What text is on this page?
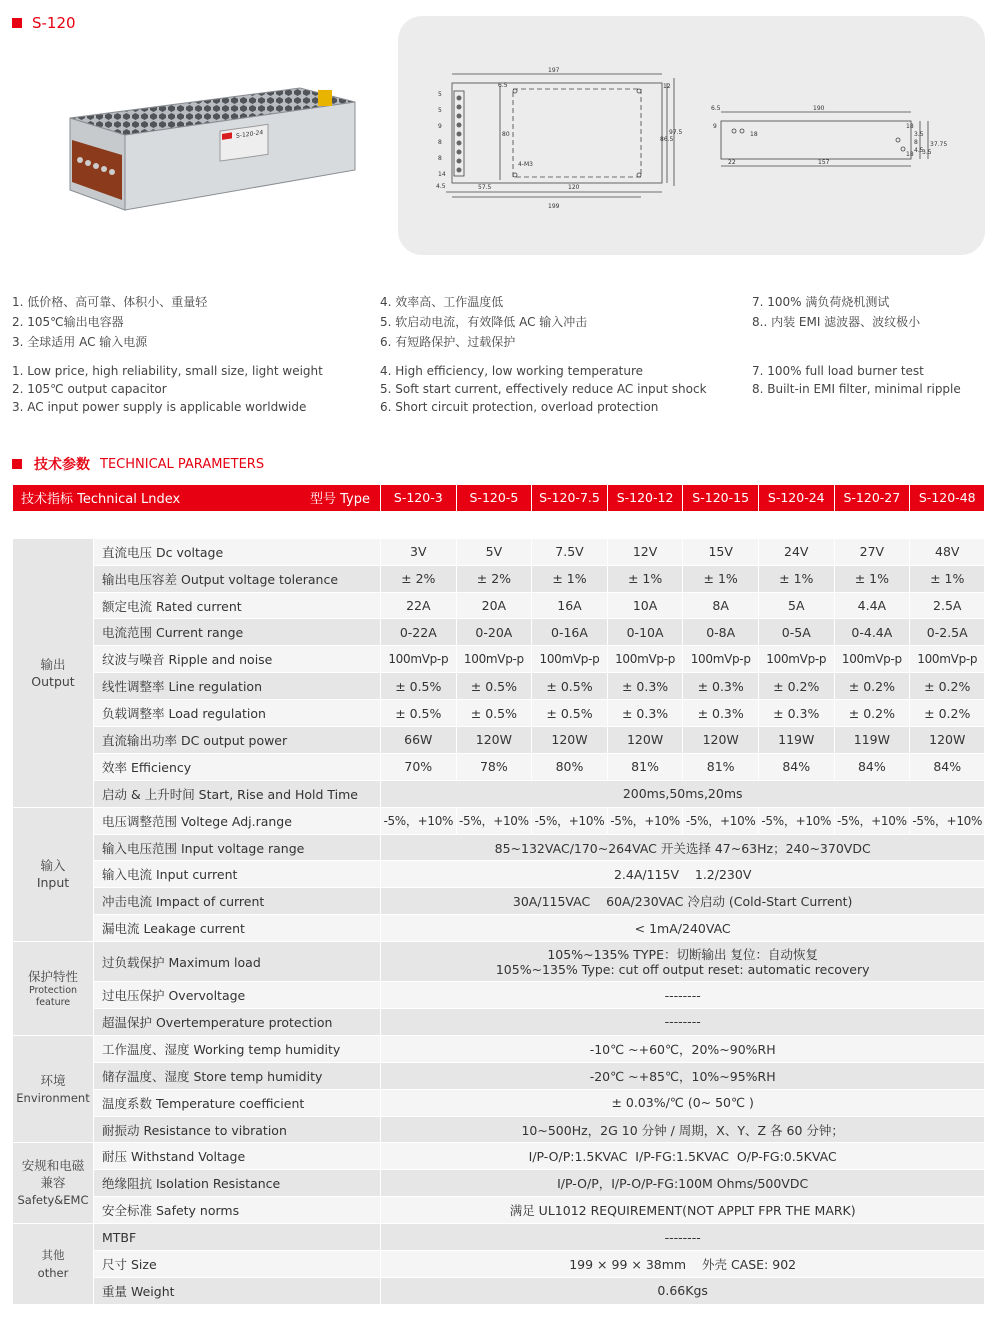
S-120
S-120-24
197
199
57.5	120
80
86.5
97.5
4.5
5
5
12
9
8
8
14
6.5
4-M3
6.5	190
9
18
22	157
18
3.5
8
4.5
18
37.75
3.5
1. 低价格、高可靠、体积小、重量轻
2. 105℃输出电容器
3. 全球适用 AC 输入电源
4. 效率高、工作温度低
5. 软启动电流，有效降低 AC 输入冲击
6. 有短路保护、过载保护
7. 100% 满负荷烧机测试
8.. 内装 EMI 滤波器、波纹极小
1. Low price, high reliability, small size, light weight
2. 105℃ output capacitor
3. AC input power supply is applicable worldwide
4. High efficiency, low working temperature
5. Soft start current, effectively reduce AC input shock
6. Short circuit protection, overload protection
7. 100% full load burner test
8. Built-in EMI filter, minimal ripple
技术参数 TECHNICAL PARAMETERS
型号 Type
技术指标 Technical Lndex		S-120-3	S-120-5	S-120-7.5	S-120-12	S-120-15	S-120-24	S-120-27	S-120-48

输出
Output	直流电压 Dc voltage	3V	5V	7.5V	12V	15V	24V	27V	48V
	输出电压容差 Output voltage tolerance	± 2%	± 2%	± 1%	± 1%	± 1%	± 1%	± 1%	± 1%
	额定电流 Rated current	22A	20A	16A	10A	8A	5A	4.4A	2.5A
	电流范围 Current range	0-22A	0-20A	0-16A	0-10A	0-8A	0-5A	0-4.4A	0-2.5A
	纹波与噪音 Ripple and noise	100mVp-p	100mVp-p	100mVp-p	100mVp-p	100mVp-p	100mVp-p	100mVp-p	100mVp-p
	线性调整率 Line regulation	± 0.5%	± 0.5%	± 0.5%	± 0.3%	± 0.3%	± 0.2%	± 0.2%	± 0.2%
	负载调整率 Load regulation	± 0.5%	± 0.5%	± 0.5%	± 0.3%	± 0.3%	± 0.3%	± 0.2%	± 0.2%
	直流输出功率 DC output power	66W	120W	120W	120W	120W	119W	119W	120W
	效率 Efficiency	70%	78%	80%	81%	81%	84%	84%	84%
	启动 & 上升时间 Start, Rise and Hold Time	200ms,50ms,20ms							
输入
Input	电压调整范围 Voltege Adj.range	-5%，+10%	-5%，+10%	-5%，+10%	-5%，+10%	-5%，+10%	-5%，+10%	-5%，+10%	-5%，+10%
	输入电压范围 Input voltage range	85~132VAC/170~264VAC 开关选择 47~63Hz；240~370VDC							
	输入电流 Input current	2.4A/115V    1.2/230V							
	冲击电流 Impact of current	30A/115VAC    60A/230VAC 冷启动 (Cold-Start Current)							
	漏电流 Leakage current	< 1mA/240VAC							
保护特性
Protection feature	过负载保护 Maximum load	105%~135% TYPE：切断输出 复位：自动恢复
105%~135% Type: cut off output reset: automatic recovery							

	过电压保护 Overvoltage	--------							
	超温保护 Overtemperature protection	--------							
环境
Environment	工作温度、湿度 Working temp humidity	-10℃ ~+60℃，20%~90%RH							
	储存温度、湿度 Store temp humidity	-20℃ ~+85℃，10%~95%RH							
	温度系数 Temperature coefficient	± 0.03%/℃ (0~ 50℃ )							
	耐振动 Resistance to vibration	10~500Hz，2G 10 分钟 / 周期，X、Y、Z 各 60 分钟；							
安规和电磁
兼容
Safety&EMC	耐压 Withstand Voltage	I/P-O/P:1.5KVAC  I/P-FG:1.5KVAC  O/P-FG:0.5KVAC							
	绝缘阻抗 Isolation Resistance	I/P-O/P，I/P-O/P-FG:100M Ohms/500VDC							
	安全标准 Safety norms	满足 UL1012 REQUIREMENT(NOT APPLT FPR THE MARK)							
其他
other	MTBF	--------							
	尺寸 Size	199 × 99 × 38mm    外壳 CASE: 902							
	重量 Weight	0.66Kgs							
